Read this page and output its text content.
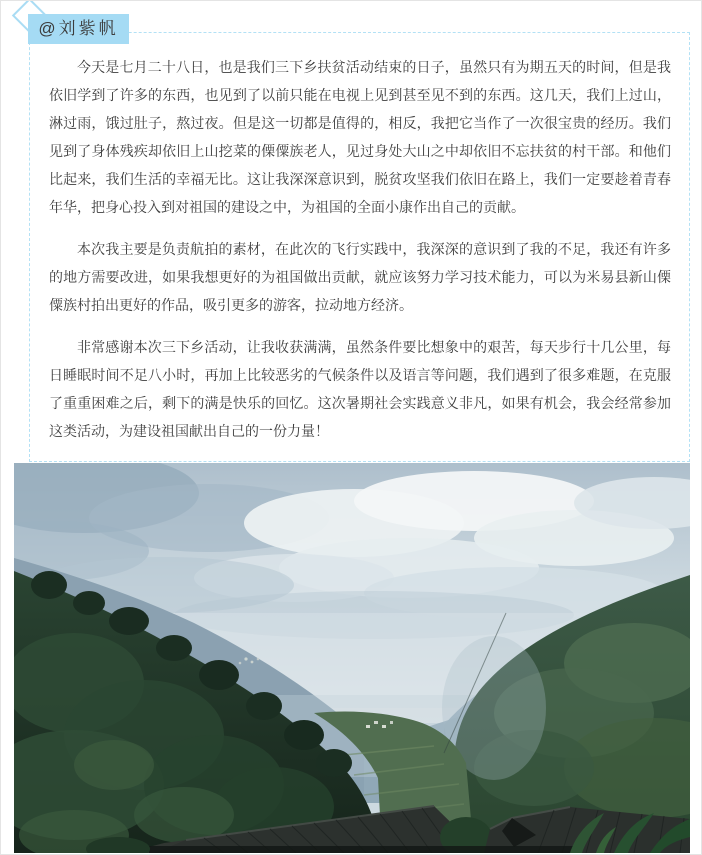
@刘紫帆

今天是七月二十八日，也是我们三下乡扶贫活动结束的日子，虽然只有为期五天的时间，但是我依旧学到了许多的东西，也见到了以前只能在电视上见到甚至见不到的东西。这几天，我们上过山，淋过雨，饿过肚子，熬过夜。但是这一切都是值得的，相反，我把它当作了一次很宝贵的经历。我们见到了身体残疾却依旧上山挖菜的傈僳族老人，见过身处大山之中却依旧不忘扶贫的村干部。和他们比起来，我们生活的幸福无比。这让我深深意识到，脱贫攻坚我们依旧在路上，我们一定要趁着青春年华，把身心投入到对祖国的建设之中，为祖国的全面小康作出自己的贡献。

本次我主要是负责航拍的素材，在此次的飞行实践中，我深深的意识到了我的不足，我还有许多的地方需要改进，如果我想更好的为祖国做出贡献，就应该努力学习技术能力，可以为米易县新山傈僳族村拍出更好的作品，吸引更多的游客，拉动地方经济。

非常感谢本次三下乡活动，让我收获满满，虽然条件要比想象中的艰苦，每天步行十几公里，每日睡眠时间不足八小时，再加上比较恶劣的气候条件以及语言等问题，我们遇到了很多难题，在克服了重重困难之后，剩下的满是快乐的回忆。这次暑期社会实践意义非凡，如果有机会，我会经常参加这类活动，为建设祖国献出自己的一份力量！
